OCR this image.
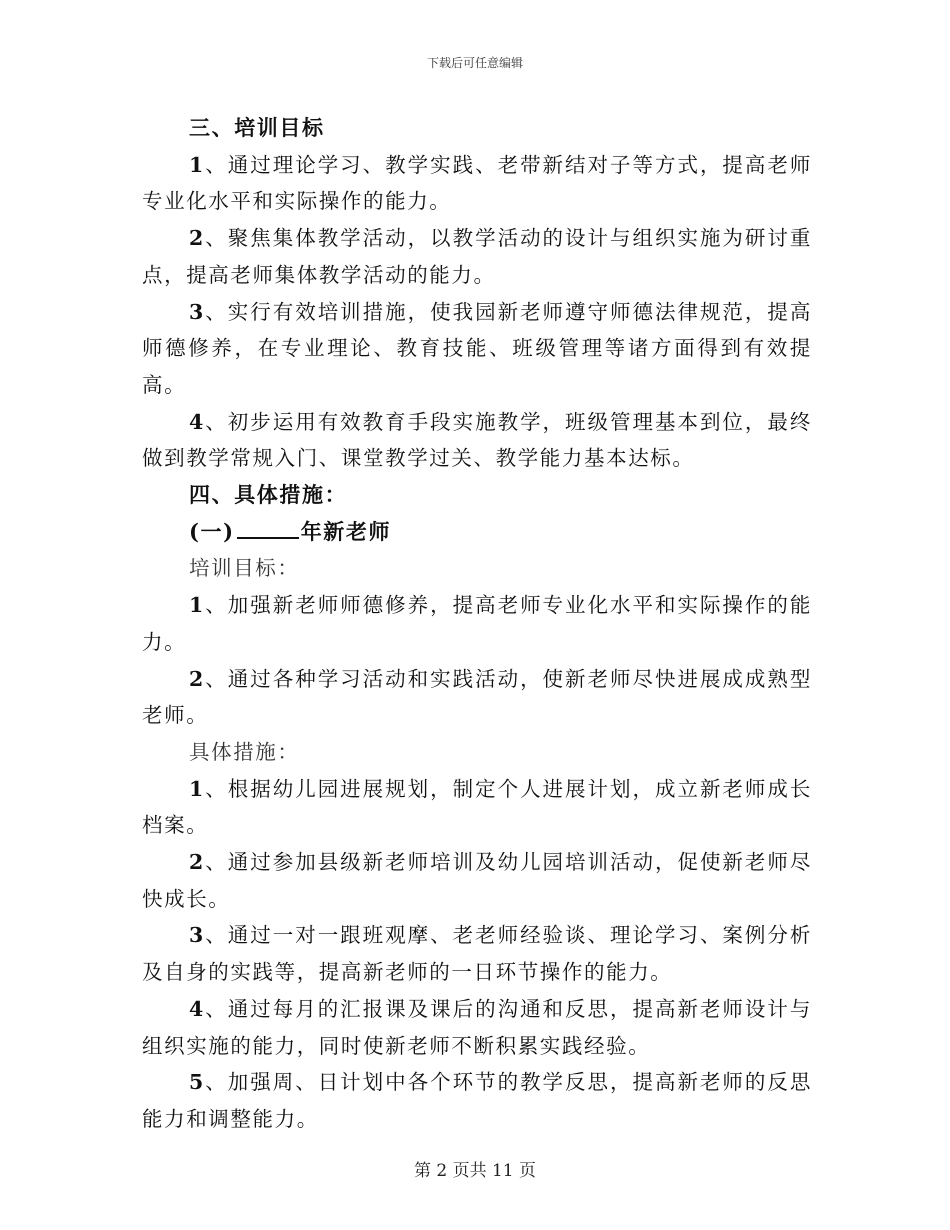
下载后可任意编辑

三、培训目标

1、通过理论学习、教学实践、老带新结对子等方式，提高老师专业化水平和实际操作的能力。

2、聚焦集体教学活动，以教学活动的设计与组织实施为研讨重点，提高老师集体教学活动的能力。

3、实行有效培训措施，使我园新老师遵守师德法律规范，提高师德修养，在专业理论、教育技能、班级管理等诸方面得到有效提高。

4、初步运用有效教育手段实施教学，班级管理基本到位，最终做到教学常规入门、课堂教学过关、教学能力基本达标。

四、具体措施：

(一)	年新老师

培训目标：

1、加强新老师师德修养，提高老师专业化水平和实际操作的能力。

2、通过各种学习活动和实践活动，使新老师尽快进展成成熟型老师。

具体措施：

1、根据幼儿园进展规划，制定个人进展计划，成立新老师成长档案。

2、通过参加县级新老师培训及幼儿园培训活动，促使新老师尽快成长。

3、通过一对一跟班观摩、老老师经验谈、理论学习、案例分析及自身的实践等，提高新老师的一日环节操作的能力。

4、通过每月的汇报课及课后的沟通和反思，提高新老师设计与组织实施的能力，同时使新老师不断积累实践经验。

5、加强周、日计划中各个环节的教学反思，提高新老师的反思能力和调整能力。

第 2 页共 11 页
